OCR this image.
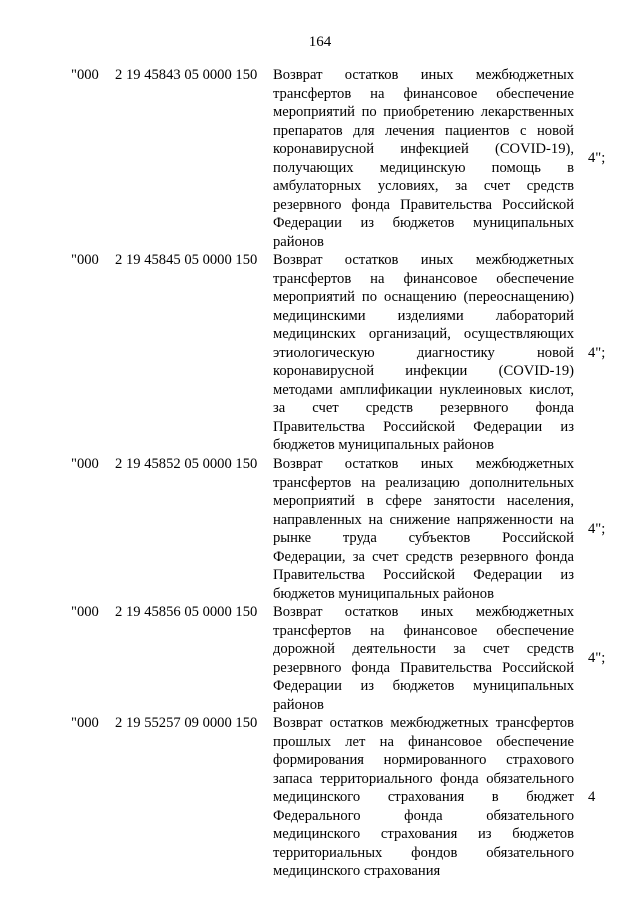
164
"000	2 19 45843 05 0000 150	Возврат остатков иных межбюджетных
трансфертов на финансовое обеспечение
мероприятий по приобретению лекарственных
препаратов для лечения пациентов с новой
коронавирусной инфекцией (COVID-19),
получающих медицинскую помощь в
амбулаторных условиях, за счет средств
резервного фонда Правительства Российской
Федерации из бюджетов муниципальных
районов
4";
"000	2 19 45845 05 0000 150	Возврат остатков иных межбюджетных
трансфертов на финансовое обеспечение
мероприятий по оснащению (переоснащению)
медицинскими изделиями лабораторий
медицинских организаций, осуществляющих
этиологическую диагностику новой
коронавирусной инфекции (COVID-19)
методами амплификации нуклеиновых кислот,
за счет средств резервного фонда
Правительства Российской Федерации из
бюджетов муниципальных районов
4";
"000	2 19 45852 05 0000 150	Возврат остатков иных межбюджетных
трансфертов на реализацию дополнительных
мероприятий в сфере занятости населения,
направленных на снижение напряженности на
рынке труда субъектов Российской
Федерации, за счет средств резервного фонда
Правительства Российской Федерации из
бюджетов муниципальных районов
4";
"000	2 19 45856 05 0000 150	Возврат остатков иных межбюджетных
трансфертов на финансовое обеспечение
дорожной деятельности за счет средств
резервного фонда Правительства Российской
Федерации из бюджетов муниципальных
районов
4";
"000	2 19 55257 09 0000 150	Возврат остатков межбюджетных трансфертов
прошлых лет на финансовое обеспечение
формирования нормированного страхового
запаса территориального фонда обязательного
медицинского страхования в бюджет
Федерального фонда обязательного
медицинского страхования из бюджетов
территориальных фондов обязательного
медицинского страхования
4
